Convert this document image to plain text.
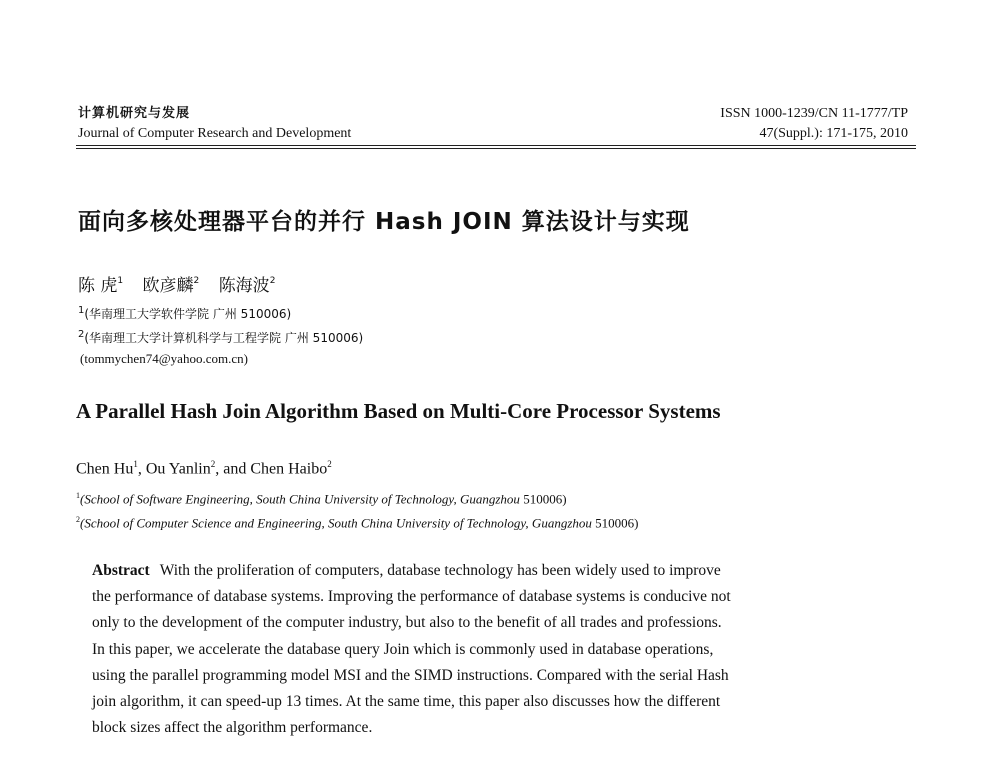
计算机研究与发展
Journal of Computer Research and Development
ISSN 1000-1239/CN 11-1777/TP
47(Suppl.): 171-175, 2010
面向多核处理器平台的并行 Hash JOIN 算法设计与实现
陈 虎$^1$ 欧彦麟$^2$ 陈海波$^2$
$^1$(华南理工大学软件学院 广州 510006)
$^2$(华南理工大学计算机科学与工程学院 广州 510006)
(tommychen74@yahoo.com.cn)
A Parallel Hash Join Algorithm Based on Multi-Core Processor Systems
Chen Hu$^1$, Ou Yanlin$^2$, and Chen Haibo$^2$
$^1$(School of Software Engineering, South China University of Technology, Guangzhou 510006)
$^2$(School of Computer Science and Engineering, South China University of Technology, Guangzhou 510006)
Abstract With the proliferation of computers, database technology has been widely used to improve
the performance of database systems. Improving the performance of database systems is conducive not
only to the development of the computer industry, but also to the benefit of all trades and professions.
In this paper, we accelerate the database query Join which is commonly used in database operations,
using the parallel programming model MSI and the SIMD instructions. Compared with the serial Hash
join algorithm, it can speed-up 13 times. At the same time, this paper also discusses how the different
block sizes affect the algorithm performance.
